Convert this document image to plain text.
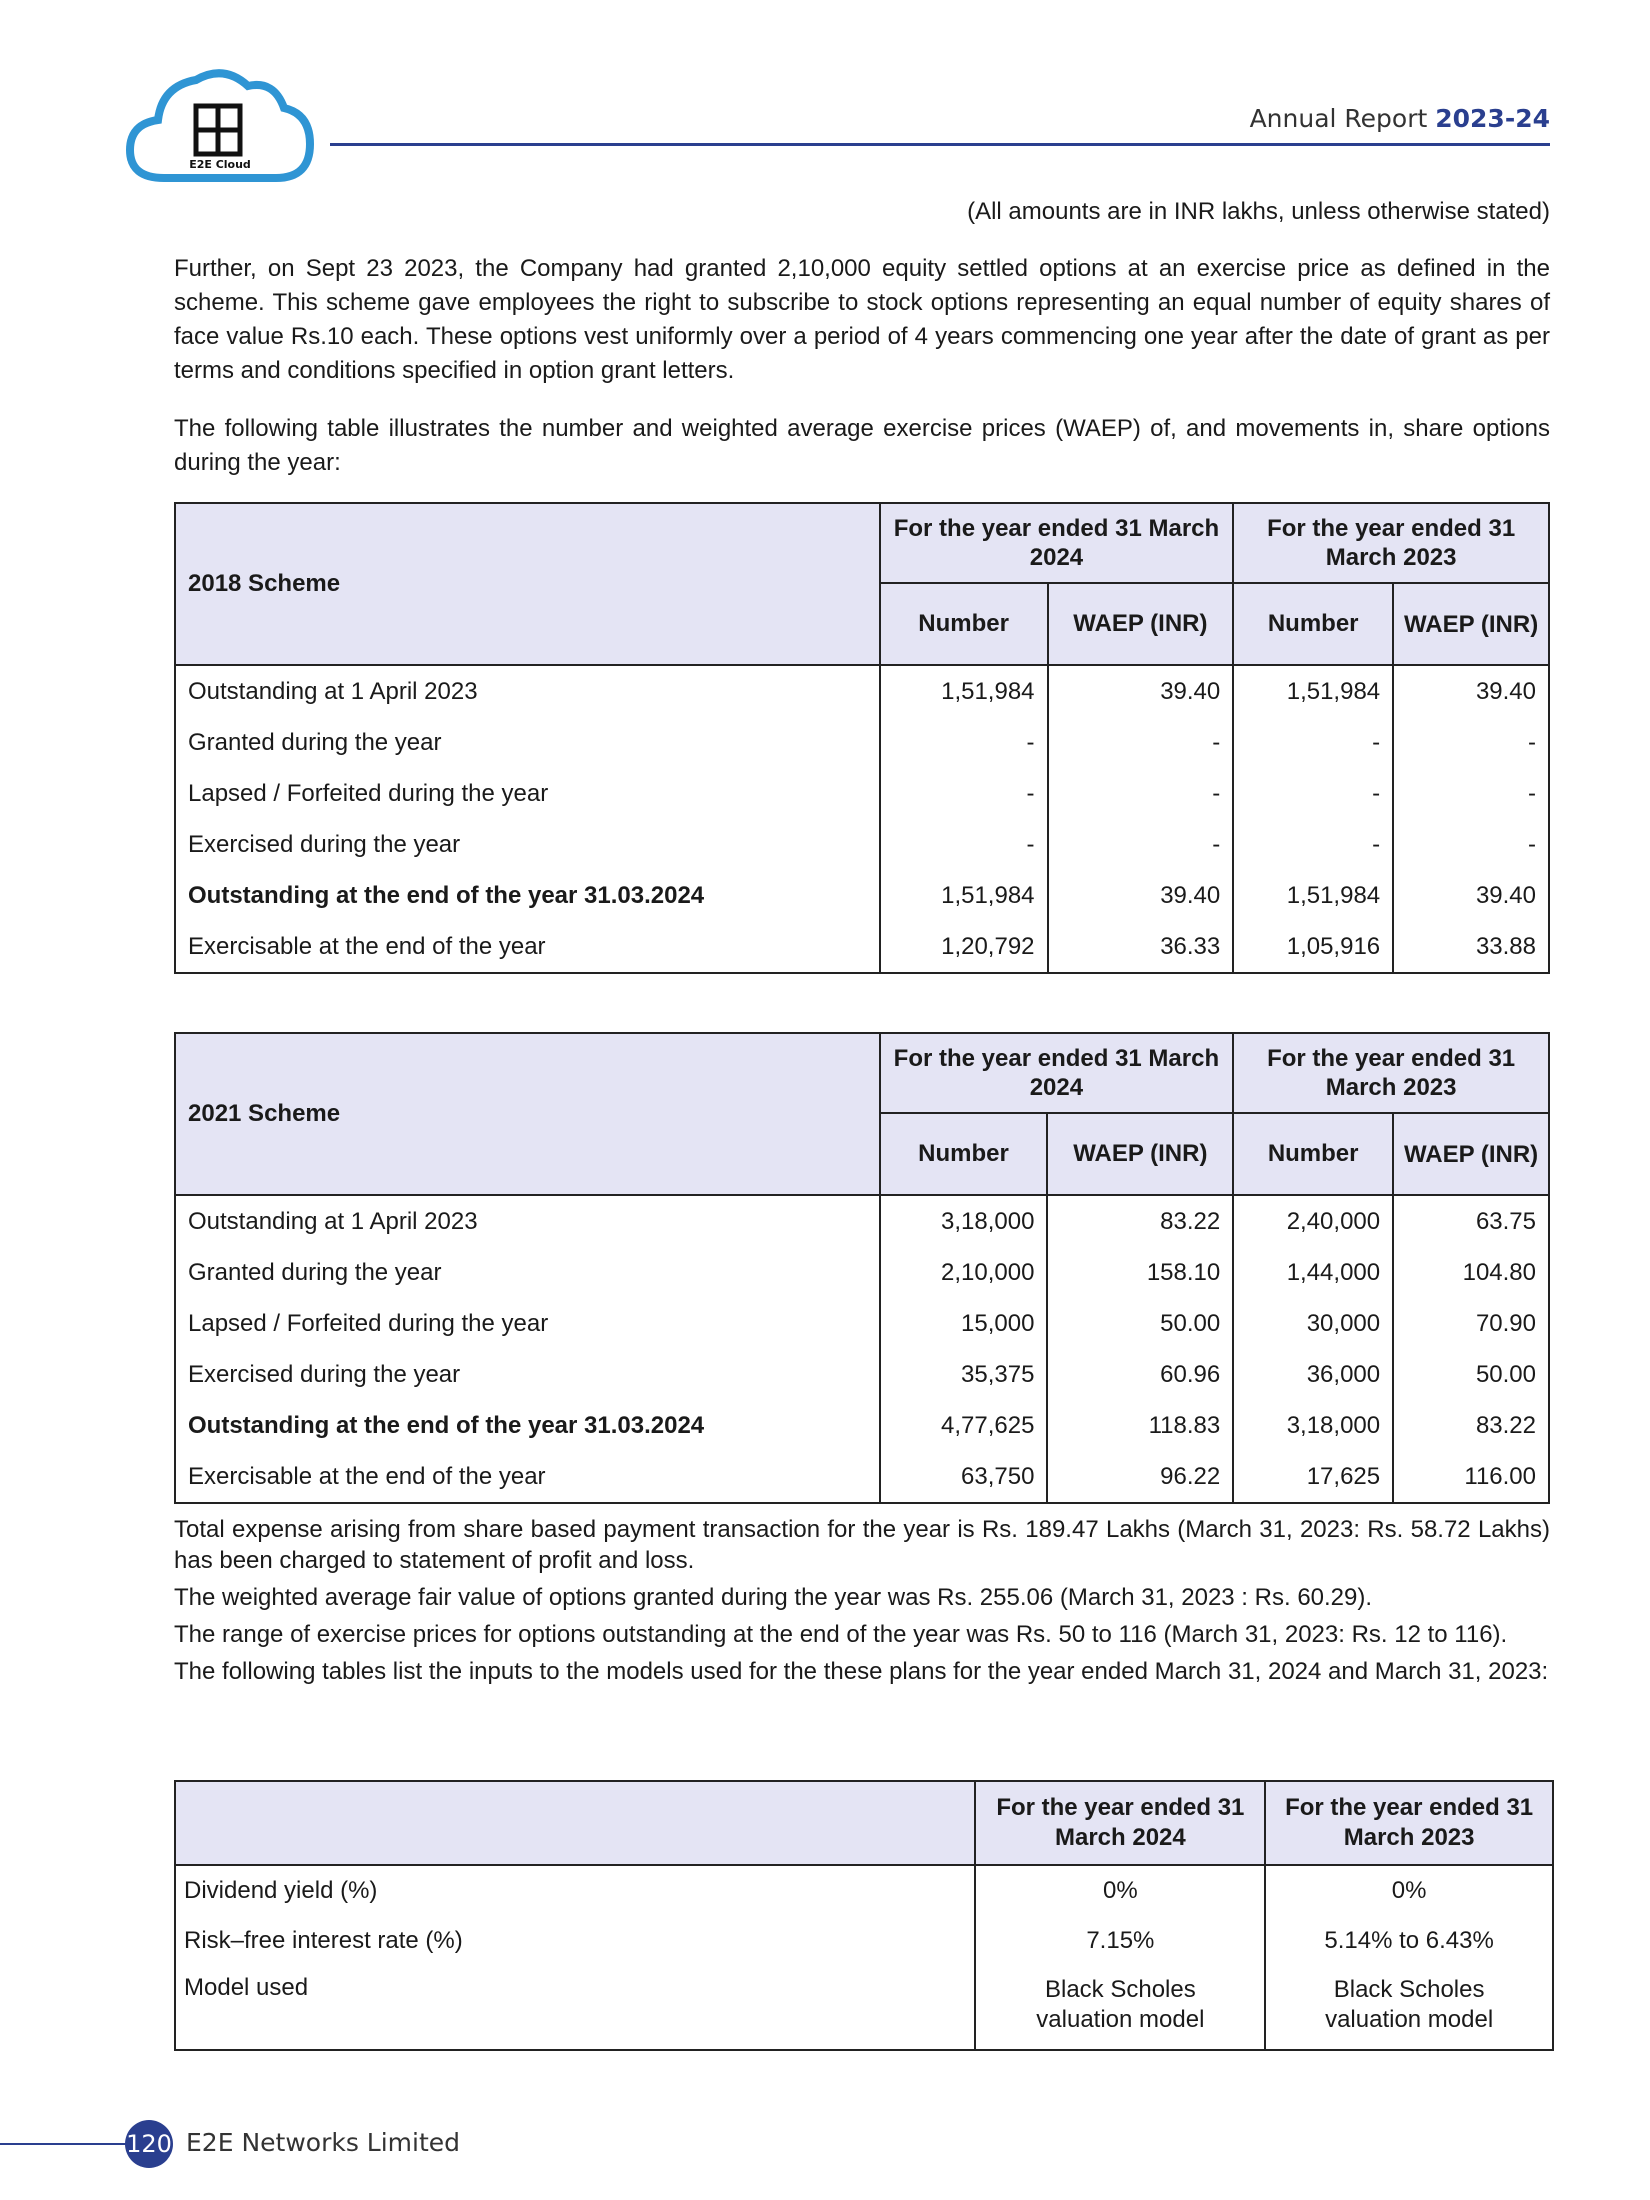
E2E Cloud
Annual Report 2023-24
(All amounts are in INR lakhs, unless otherwise stated)

Further, on Sept 23 2023, the Company had granted 2,10,000 equity settled options at an exercise price as defined in the scheme. This scheme gave employees the right to subscribe to stock options representing an equal number of equity shares of face value Rs.10 each. These options vest uniformly over a period of 4 years commencing one year after the date of grant as per terms and conditions specified in option grant letters.

The following table illustrates the number and weighted average exercise prices (WAEP) of, and movements in, share options during the year:

2018 Scheme	For the year ended 31 March 2024		For the year ended 31 March 2023	
	Number	WAEP (INR)	Number	WAEP (INR)
Outstanding at 1 April 2023	1,51,984	39.40	1,51,984	39.40
Granted during the year	-	-	-	-
Lapsed / Forfeited during the year	-	-	-	-
Exercised during the year	-	-	-	-
Outstanding at the end of the year 31.03.2024	1,51,984	39.40	1,51,984	39.40
Exercisable at the end of the year	1,20,792	36.33	1,05,916	33.88
2021 Scheme	For the year ended 31 March 2024		For the year ended 31 March 2023	
	Number	WAEP (INR)	Number	WAEP (INR)
Outstanding at 1 April 2023	3,18,000	83.22	2,40,000	63.75
Granted during the year	2,10,000	158.10	1,44,000	104.80
Lapsed / Forfeited during the year	15,000	50.00	30,000	70.90
Exercised during the year	35,375	60.96	36,000	50.00
Outstanding at the end of the year 31.03.2024	4,77,625	118.83	3,18,000	83.22
Exercisable at the end of the year	63,750	96.22	17,625	116.00

Total expense arising from share based payment transaction for the year is Rs. 189.47 Lakhs (March 31, 2023: Rs. 58.72 Lakhs) has been charged to statement of profit and loss.

The weighted average fair value of options granted during the year was Rs. 255.06 (March 31, 2023 : Rs. 60.29).

The range of exercise prices for options outstanding at the end of the year was Rs. 50 to 116 (March 31, 2023: Rs. 12 to 116).

The following tables list the inputs to the models used for the these plans for the year ended March 31, 2024 and March 31, 2023:

	For the year ended 31 March 2024	For the year ended 31 March 2023
Dividend yield (%)	0%	0%
Risk–free interest rate (%)	7.15%	5.14% to 6.43%
Model used	Black Scholes valuation model	Black Scholes valuation model
120 E2E Networks Limited
